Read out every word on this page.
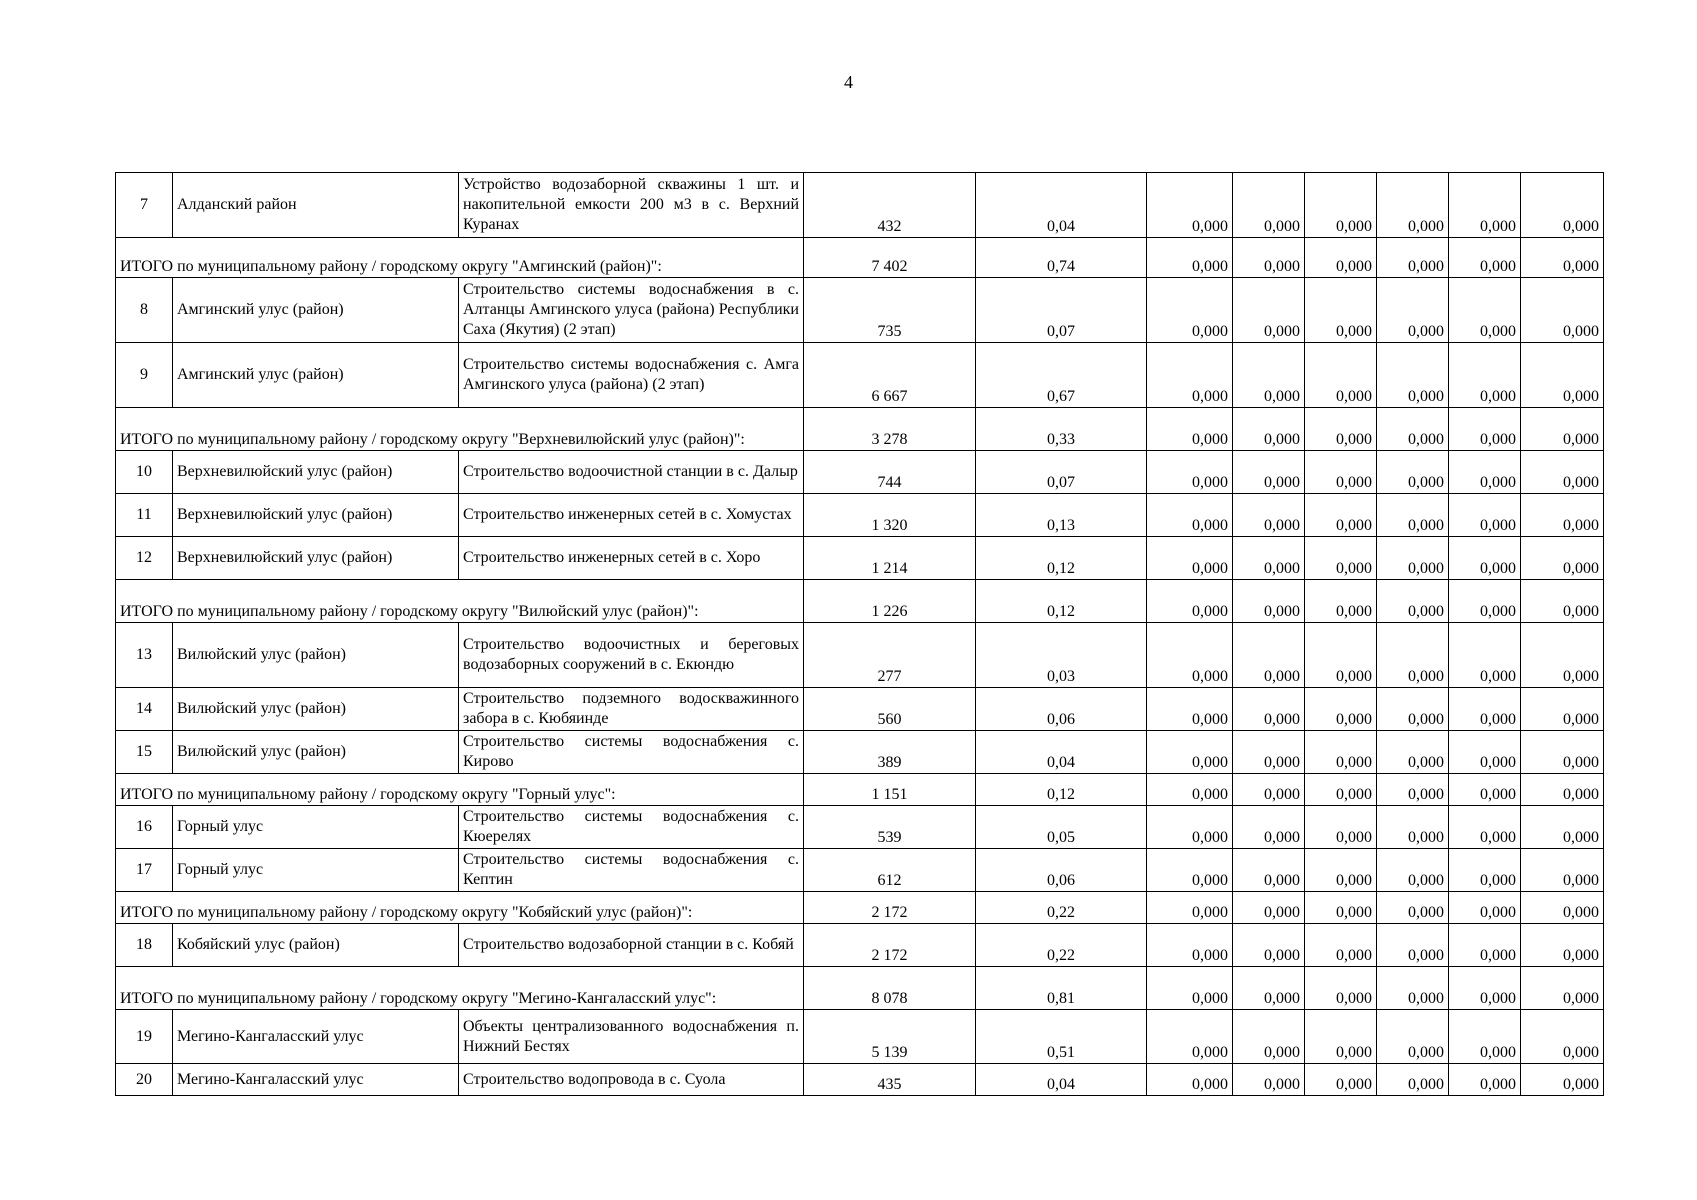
4
7	Алданский район	Устройство водозаборной скважины 1 шт. и накопительной емкости 200 м3 в с. Верхний Куранах	432	0,04	0,000	0,000	0,000	0,000	0,000	0,000
ИТОГО по муниципальному району / городскому округу "Амгинский (район)":			7 402	0,74	0,000	0,000	0,000	0,000	0,000	0,000
8	Амгинский улус (район)	Строительство системы водоснабжения в с. Алтанцы Амгинского улуса (района) Республики Саха (Якутия) (2 этап)	735	0,07	0,000	0,000	0,000	0,000	0,000	0,000
9	Амгинский улус (район)	Строительство системы водоснабжения с. Амга Амгинского улуса (района) (2 этап)	6 667	0,67	0,000	0,000	0,000	0,000	0,000	0,000
ИТОГО по муниципальному району / городскому округу "Верхневилюйский улус (район)":			3 278	0,33	0,000	0,000	0,000	0,000	0,000	0,000
10	Верхневилюйский улус (район)	Строительство водоочистной станции в с. Далыр	744	0,07	0,000	0,000	0,000	0,000	0,000	0,000
11	Верхневилюйский улус (район)	Строительство инженерных сетей в с. Хомустах	1 320	0,13	0,000	0,000	0,000	0,000	0,000	0,000
12	Верхневилюйский улус (район)	Строительство инженерных сетей в с. Хоро	1 214	0,12	0,000	0,000	0,000	0,000	0,000	0,000
ИТОГО по муниципальному району / городскому округу "Вилюйский улус (район)":			1 226	0,12	0,000	0,000	0,000	0,000	0,000	0,000
13	Вилюйский улус (район)	Строительство водоочистных и береговых водозаборных сооружений в с. Екюндю	277	0,03	0,000	0,000	0,000	0,000	0,000	0,000
14	Вилюйский улус (район)	Строительство подземного водоскважинного забора в с. Кюбяинде	560	0,06	0,000	0,000	0,000	0,000	0,000	0,000
15	Вилюйский улус (район)	Строительство системы водоснабжения с. Кирово	389	0,04	0,000	0,000	0,000	0,000	0,000	0,000
ИТОГО по муниципальному району / городскому округу "Горный улус":			1 151	0,12	0,000	0,000	0,000	0,000	0,000	0,000
16	Горный улус	Строительство системы водоснабжения с. Кюерелях	539	0,05	0,000	0,000	0,000	0,000	0,000	0,000
17	Горный улус	Строительство системы водоснабжения с. Кептин	612	0,06	0,000	0,000	0,000	0,000	0,000	0,000
ИТОГО по муниципальному району / городскому округу "Кобяйский улус (район)":			2 172	0,22	0,000	0,000	0,000	0,000	0,000	0,000
18	Кобяйский улус (район)	Строительство водозаборной станции в с. Кобяй	2 172	0,22	0,000	0,000	0,000	0,000	0,000	0,000
ИТОГО по муниципальному району / городскому округу "Мегино-Кангаласский улус":			8 078	0,81	0,000	0,000	0,000	0,000	0,000	0,000
19	Мегино-Кангаласский улус	Объекты централизованного водоснабжения п. Нижний Бестях	5 139	0,51	0,000	0,000	0,000	0,000	0,000	0,000
20	Мегино-Кангаласский улус	Строительство водопровода в с. Суола	435	0,04	0,000	0,000	0,000	0,000	0,000	0,000
